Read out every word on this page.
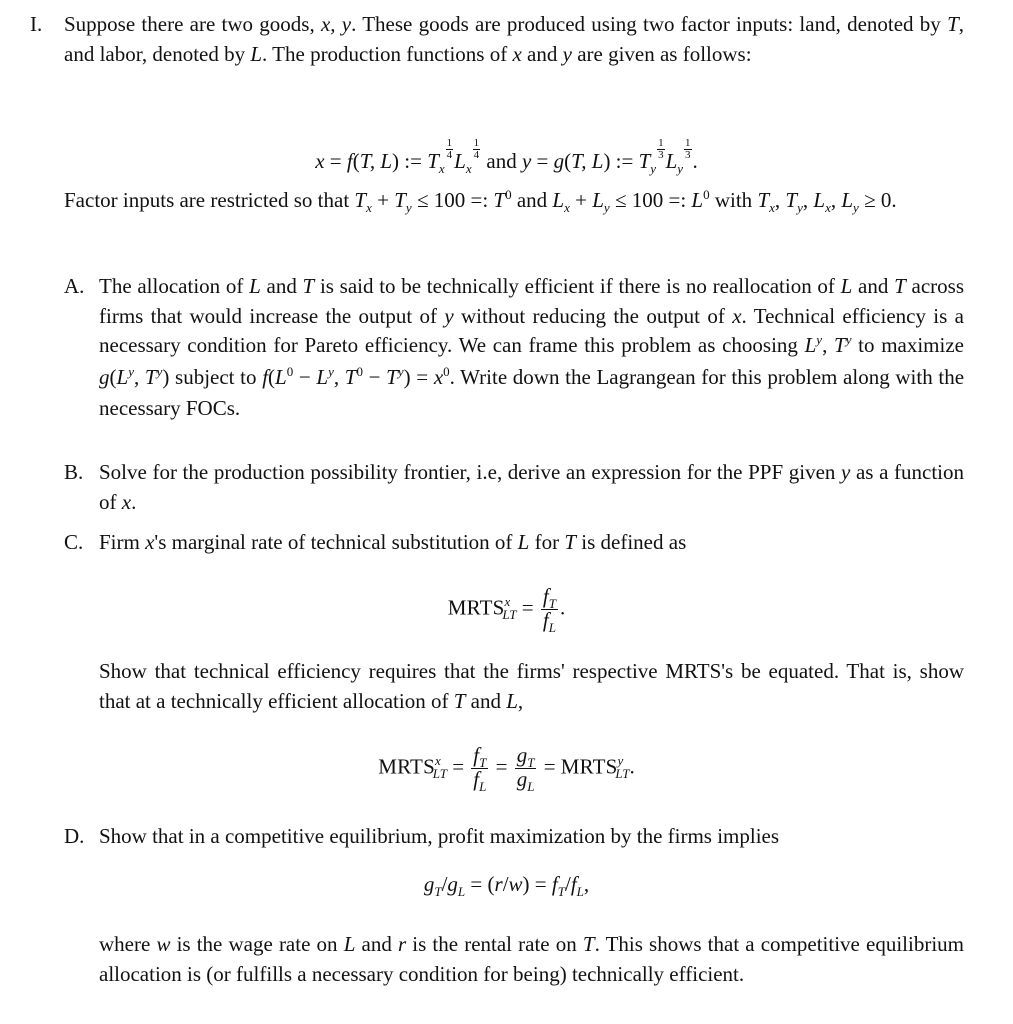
I. Suppose there are two goods, x, y. These goods are produced using two factor inputs: land, denoted by T, and labor, denoted by L. The production functions of x and y are given as follows:
x = f(T, L) := $T_x$
$\frac{1}{4} L_x$
$\frac{1}{4}$ and y = g(T, L) := $T_y$
$\frac{1}{3} L_y$
$\frac{1}{3}$ .
Factor inputs are restricted so that $T_x + T_y \le 100$ =: $T^0$ and $L_x + L_y \le 100$ =: $L^0$ with $T_x$, $T_y$, $L_x$, $L_y \ge 0$.
A. The allocation of L and T is said to be technically efficient if there is no reallocation of L and T across firms that would increase the output of y without reducing the output of x. Technical efficiency is a necessary condition for Pareto efficiency. We can frame this problem as choosing $L^y$, $T^y$ to maximize $g(L^y$, $T^y$) subject to $f(L^0 - L^y$, $T^0 - T^y) = x^0$. Write down the Lagrangean for this problem along with the necessary FOCs.
B. Solve for the production possibility frontier, i.e, derive an expression for the PPF given y as a function of x.
C. Firm x's marginal rate of technical substitution of L for T is defined as
$MRTS^x_{LT} = \frac{f_T}{f_L}$ .
Show that technical efficiency requires that the firms' respective MRTS's be equated. That is, show that at a technically efficient allocation of T and L,
$MRTS^x_{LT} = \frac{f_T}{f_L} = \frac{g_T}{g_L}$ = $MRTS^y_{LT}$.
D. Show that in a competitive equilibrium, profit maximization by the firms implies
$g_T/g_L = (r/w) = f_T/f_L$,
where w is the wage rate on L and r is the rental rate on T. This shows that a competitive equilibrium allocation is (or fulfills a necessary condition for being) technically efficient.
